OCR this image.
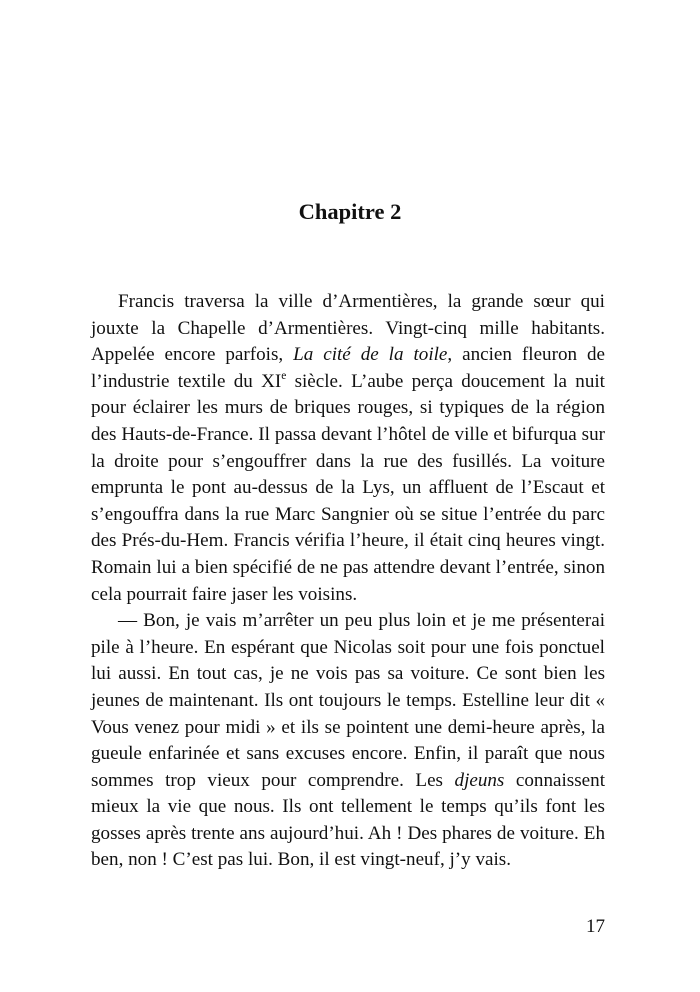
Chapitre 2

Francis traversa la ville d’Armentières, la grande sœur qui jouxte la Chapelle d’Armentières. Vingt-cinq mille habitants. Appelée encore parfois, La cité de la toile, ancien fleuron de l’industrie textile du XIe siècle. L’aube perça doucement la nuit pour éclairer les murs de briques rouges, si typiques de la région des Hauts-de-France. Il passa devant l’hôtel de ville et bifurqua sur la droite pour s’engouffrer dans la rue des fusillés. La voiture emprunta le pont au-dessus de la Lys, un affluent de l’Escaut et s’engouffra dans la rue Marc Sangnier où se situe l’entrée du parc des Prés-du-Hem. Francis vérifia l’heure, il était cinq heures vingt. Romain lui a bien spécifié de ne pas attendre devant l’entrée, sinon cela pourrait faire jaser les voisins.

— Bon, je vais m’arrêter un peu plus loin et je me présenterai pile à l’heure. En espérant que Nicolas soit pour une fois ponctuel lui aussi. En tout cas, je ne vois pas sa voiture. Ce sont bien les jeunes de maintenant. Ils ont toujours le temps. Estelline leur dit « Vous venez pour midi » et ils se pointent une demi-heure après, la gueule enfarinée et sans excuses encore. Enfin, il paraît que nous sommes trop vieux pour comprendre. Les djeuns connaissent mieux la vie que nous. Ils ont tellement le temps qu’ils font les gosses après trente ans aujourd’hui. Ah ! Des phares de voiture. Eh ben, non ! C’est pas lui. Bon, il est vingt-neuf, j’y vais.

17
